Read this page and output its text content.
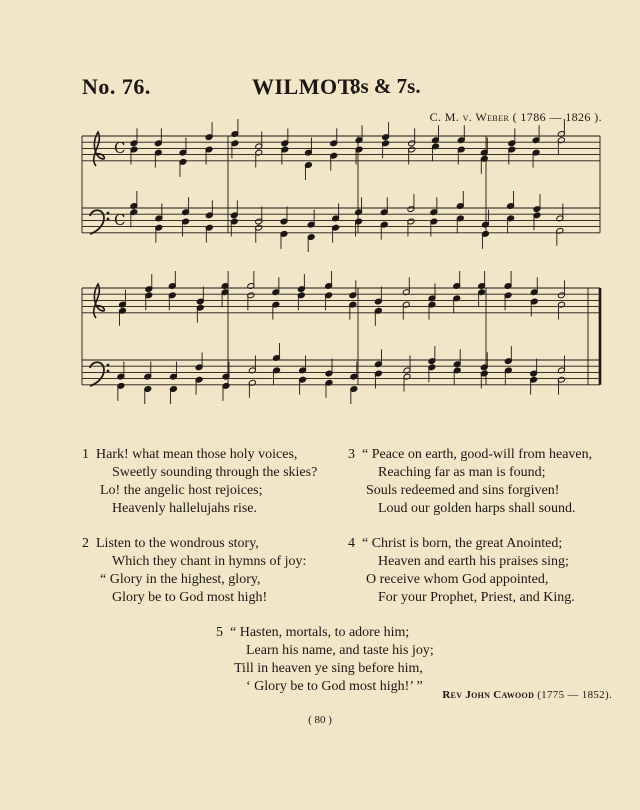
No. 76.	WILMOT.
8s & 7s.
C. M. v. Weber ( 1786 — 1826 ).
C
C
1 Hark! what mean those holy voices,
Sweetly sounding through the skies?
Lo! the angelic host rejoices;
Heavenly hallelujahs rise.
2 Listen to the wondrous story,
Which they chant in hymns of joy:
“ Glory in the highest, glory,
Glory be to God most high!
3 “ Peace on earth, good-will from heaven,
Reaching far as man is found;
Souls redeemed and sins forgiven!
Loud our golden harps shall sound.
4 “ Christ is born, the great Anointed;
Heaven and earth his praises sing;
O receive whom God appointed,
For your Prophet, Priest, and King.
5 “ Hasten, mortals, to adore him;
Learn his name, and taste his joy;
Till in heaven ye sing before him,
‘ Glory be to God most high!’ ”
Rev John Cawood (1775 — 1852).
( 80 )
